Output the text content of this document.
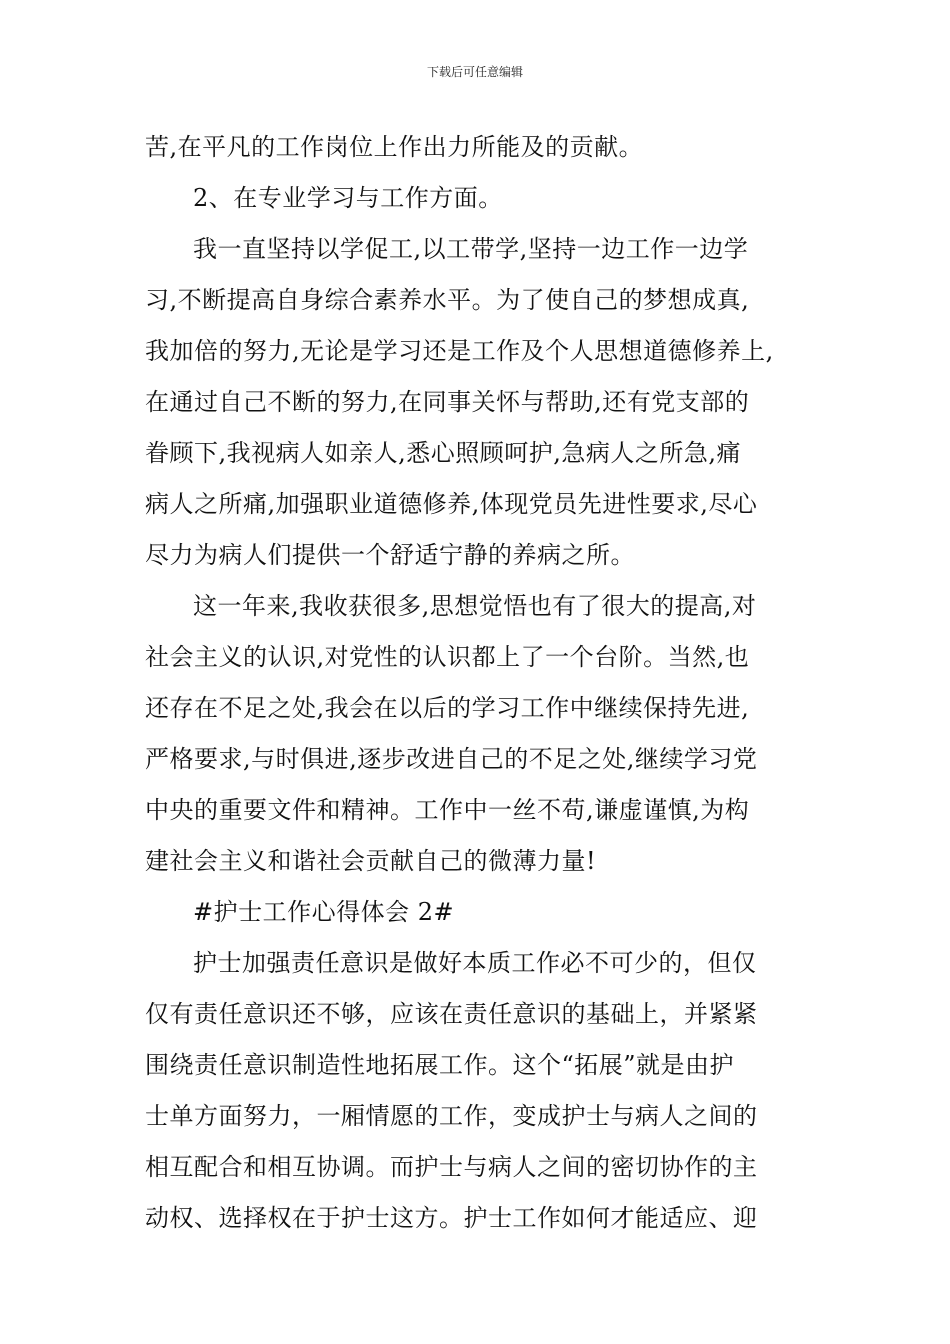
下载后可任意编辑
苦,在平凡的工作岗位上作出力所能及的贡献。
2、在专业学习与工作方面。
我一直坚持以学促工,以工带学,坚持一边工作一边学
习,不断提高自身综合素养水平。为了使自己的梦想成真,
我加倍的努力,无论是学习还是工作及个人思想道德修养上,
在通过自己不断的努力,在同事关怀与帮助,还有党支部的
眷顾下,我视病人如亲人,悉心照顾呵护,急病人之所急,痛
病人之所痛,加强职业道德修养,体现党员先进性要求,尽心
尽力为病人们提供一个舒适宁静的养病之所。
这一年来,我收获很多,思想觉悟也有了很大的提高,对
社会主义的认识,对党性的认识都上了一个台阶。当然,也
还存在不足之处,我会在以后的学习工作中继续保持先进,
严格要求,与时俱进,逐步改进自己的不足之处,继续学习党
中央的重要文件和精神。工作中一丝不苟,谦虚谨慎,为构
建社会主义和谐社会贡献自己的微薄力量!
#护士工作心得体会 2#
护士加强责任意识是做好本质工作必不可少的，但仅
仅有责任意识还不够，应该在责任意识的基础上，并紧紧
围绕责任意识制造性地拓展工作。这个“拓展”就是由护
士单方面努力，一厢情愿的工作，变成护士与病人之间的
相互配合和相互协调。而护士与病人之间的密切协作的主
动权、选择权在于护士这方。护士工作如何才能适应、迎
